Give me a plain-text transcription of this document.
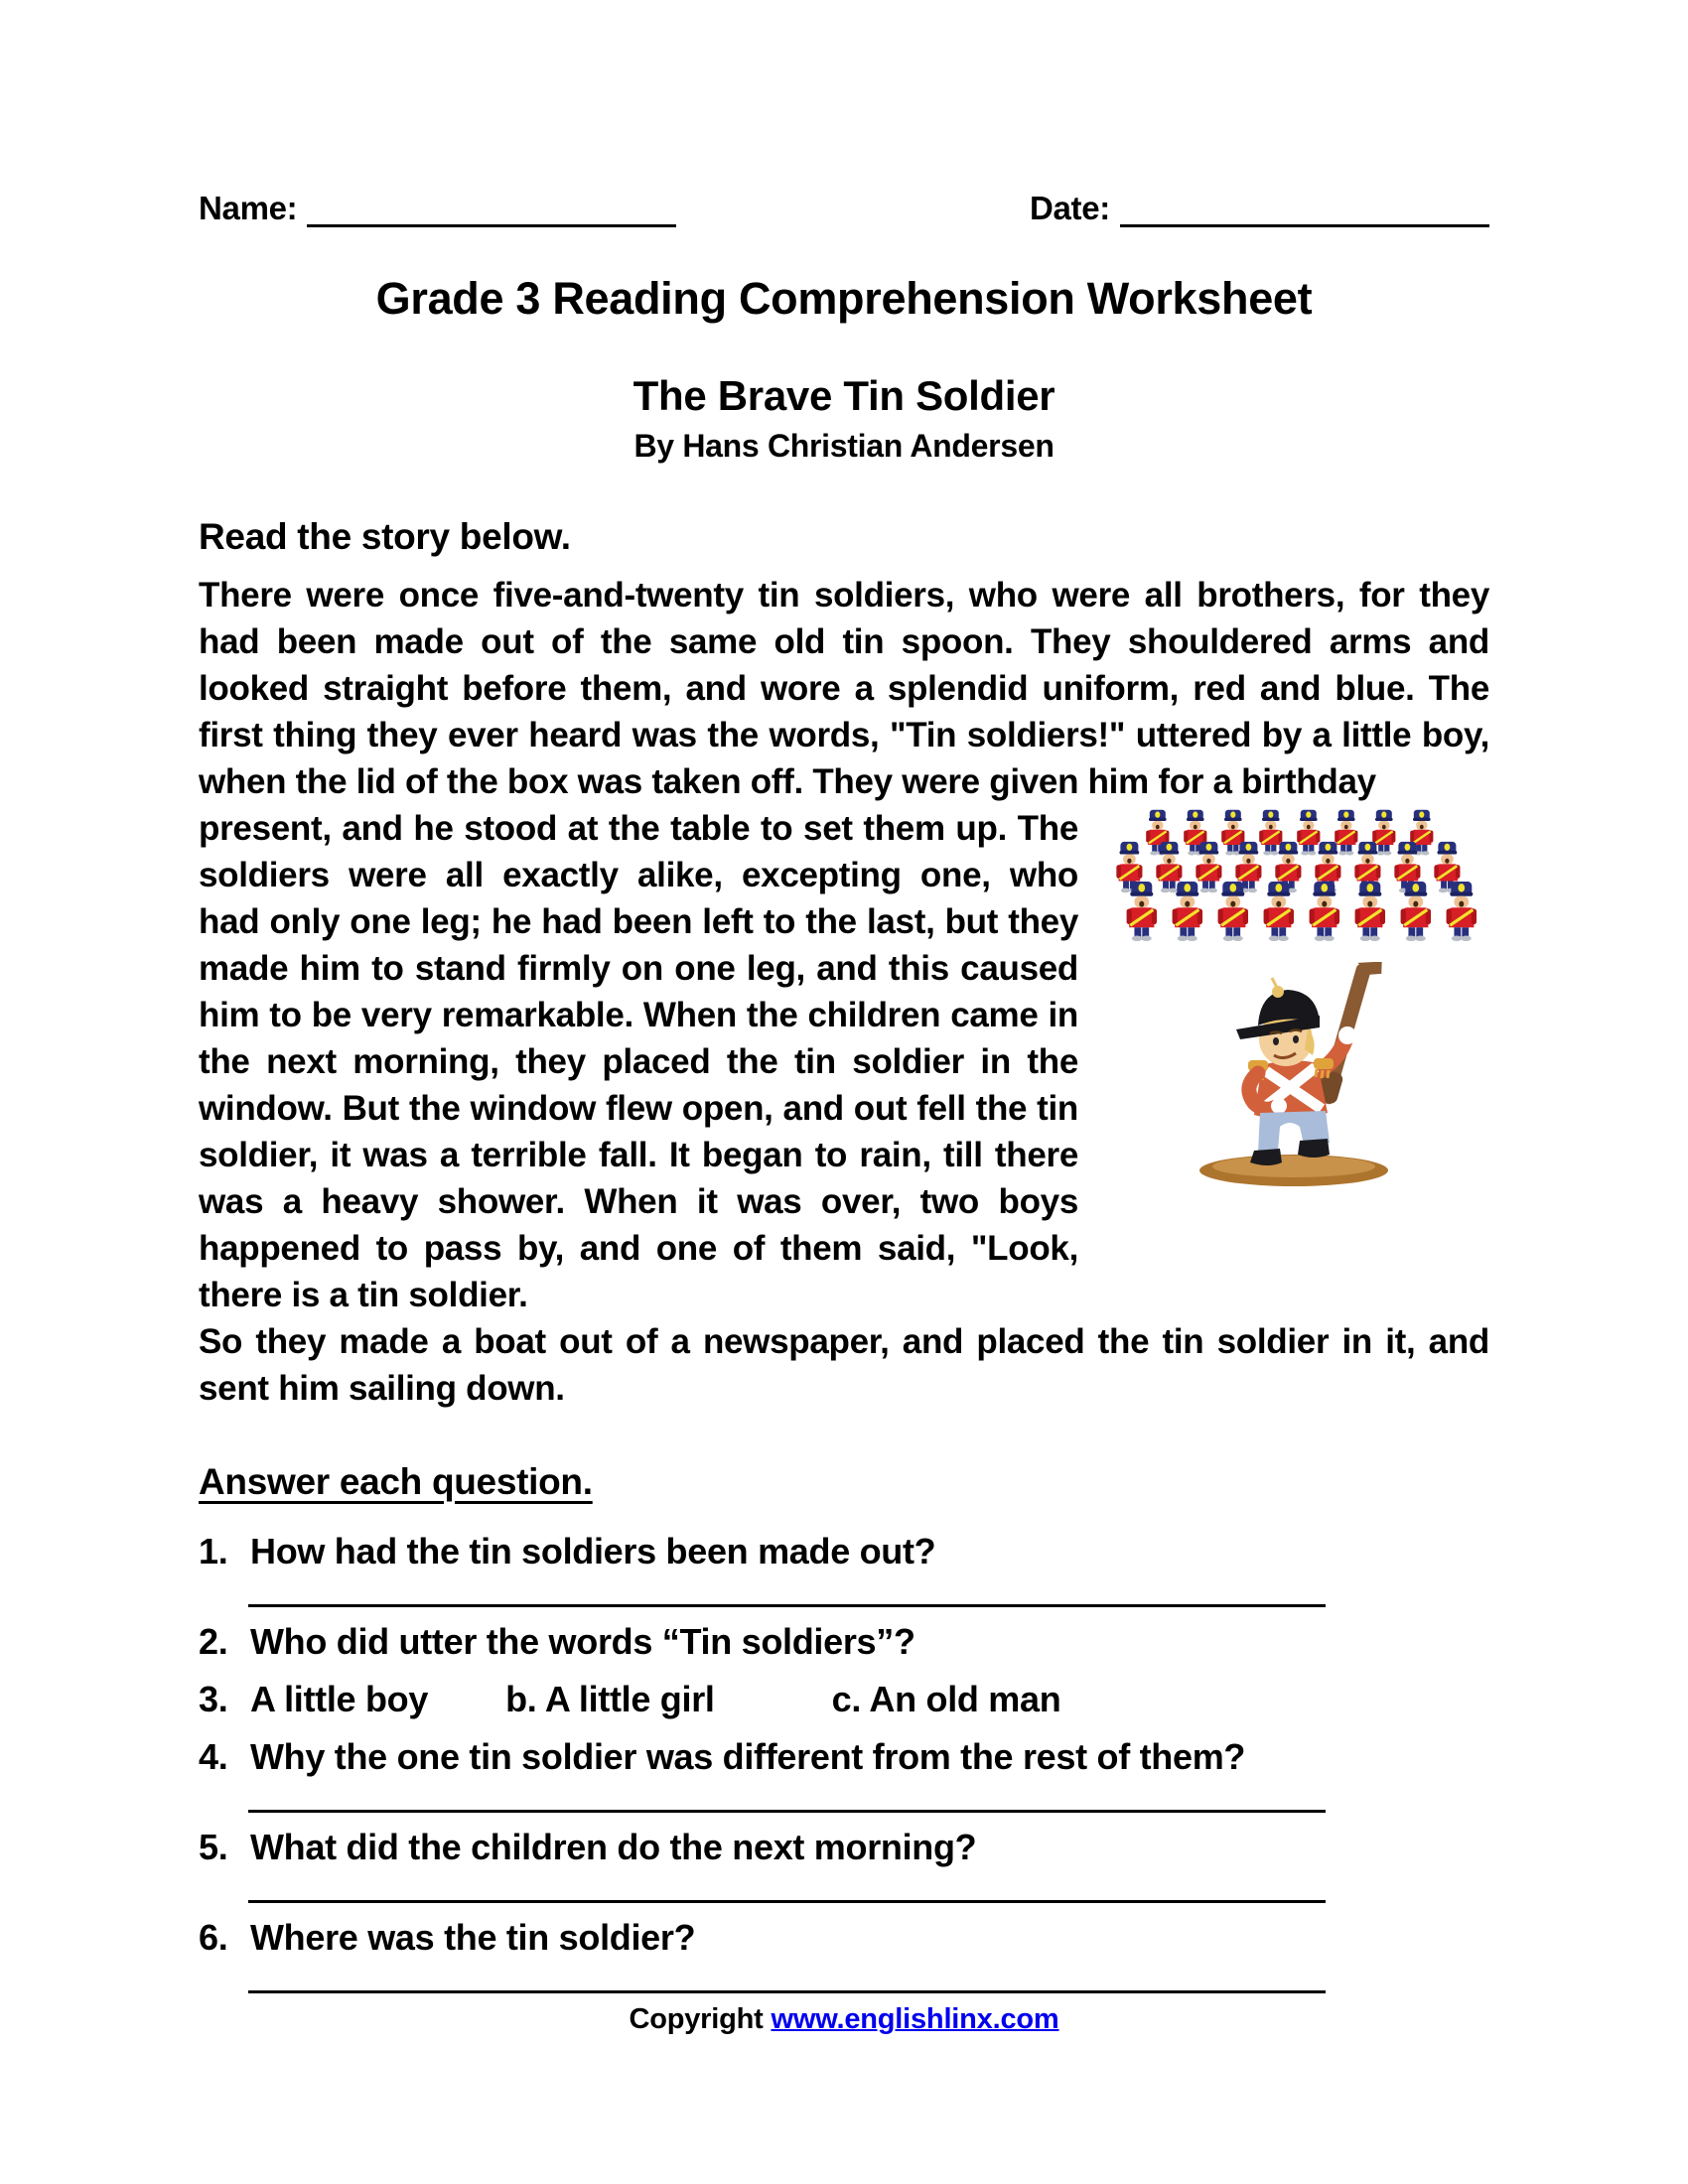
Name:	Date:
Grade 3 Reading Comprehension Worksheet
The Brave Tin Soldier
By Hans Christian Andersen
Read the story below.

There were once five-and-twenty tin soldiers, who were all brothers, for they had been made out of the same old tin spoon. They shouldered arms and looked straight before them, and wore a splendid uniform, red and blue. The first thing they ever heard was the words, "Tin soldiers!" uttered by a little boy, when the lid of the box was taken off. They were given him for a birthday

present, and he stood at the table to set them up. The soldiers were all exactly alike, excepting one, who had only one leg; he had been left to the last, but they made him to stand firmly on one leg, and this caused him to be very remarkable. When the children came in the next morning, they placed the tin soldier in the window. But the window flew open, and out fell the tin soldier, it was a terrible fall. It began to rain, till there was a heavy shower. When it was over, two boys happened to pass by, and one of them said, "Look, there is a tin soldier.

So they made a boat out of a newspaper, and placed the tin soldier in it, and sent him sailing down.

Answer each question.
1. How had the tin soldiers been made out?
2. Who did utter the words “Tin soldiers”?
3. A little boy b. A little girl	c. An old man
4. Why the one tin soldier was different from the rest of them?
5. What did the children do the next morning?
6. Where was the tin soldier?
Copyright www.englishlinx.com
